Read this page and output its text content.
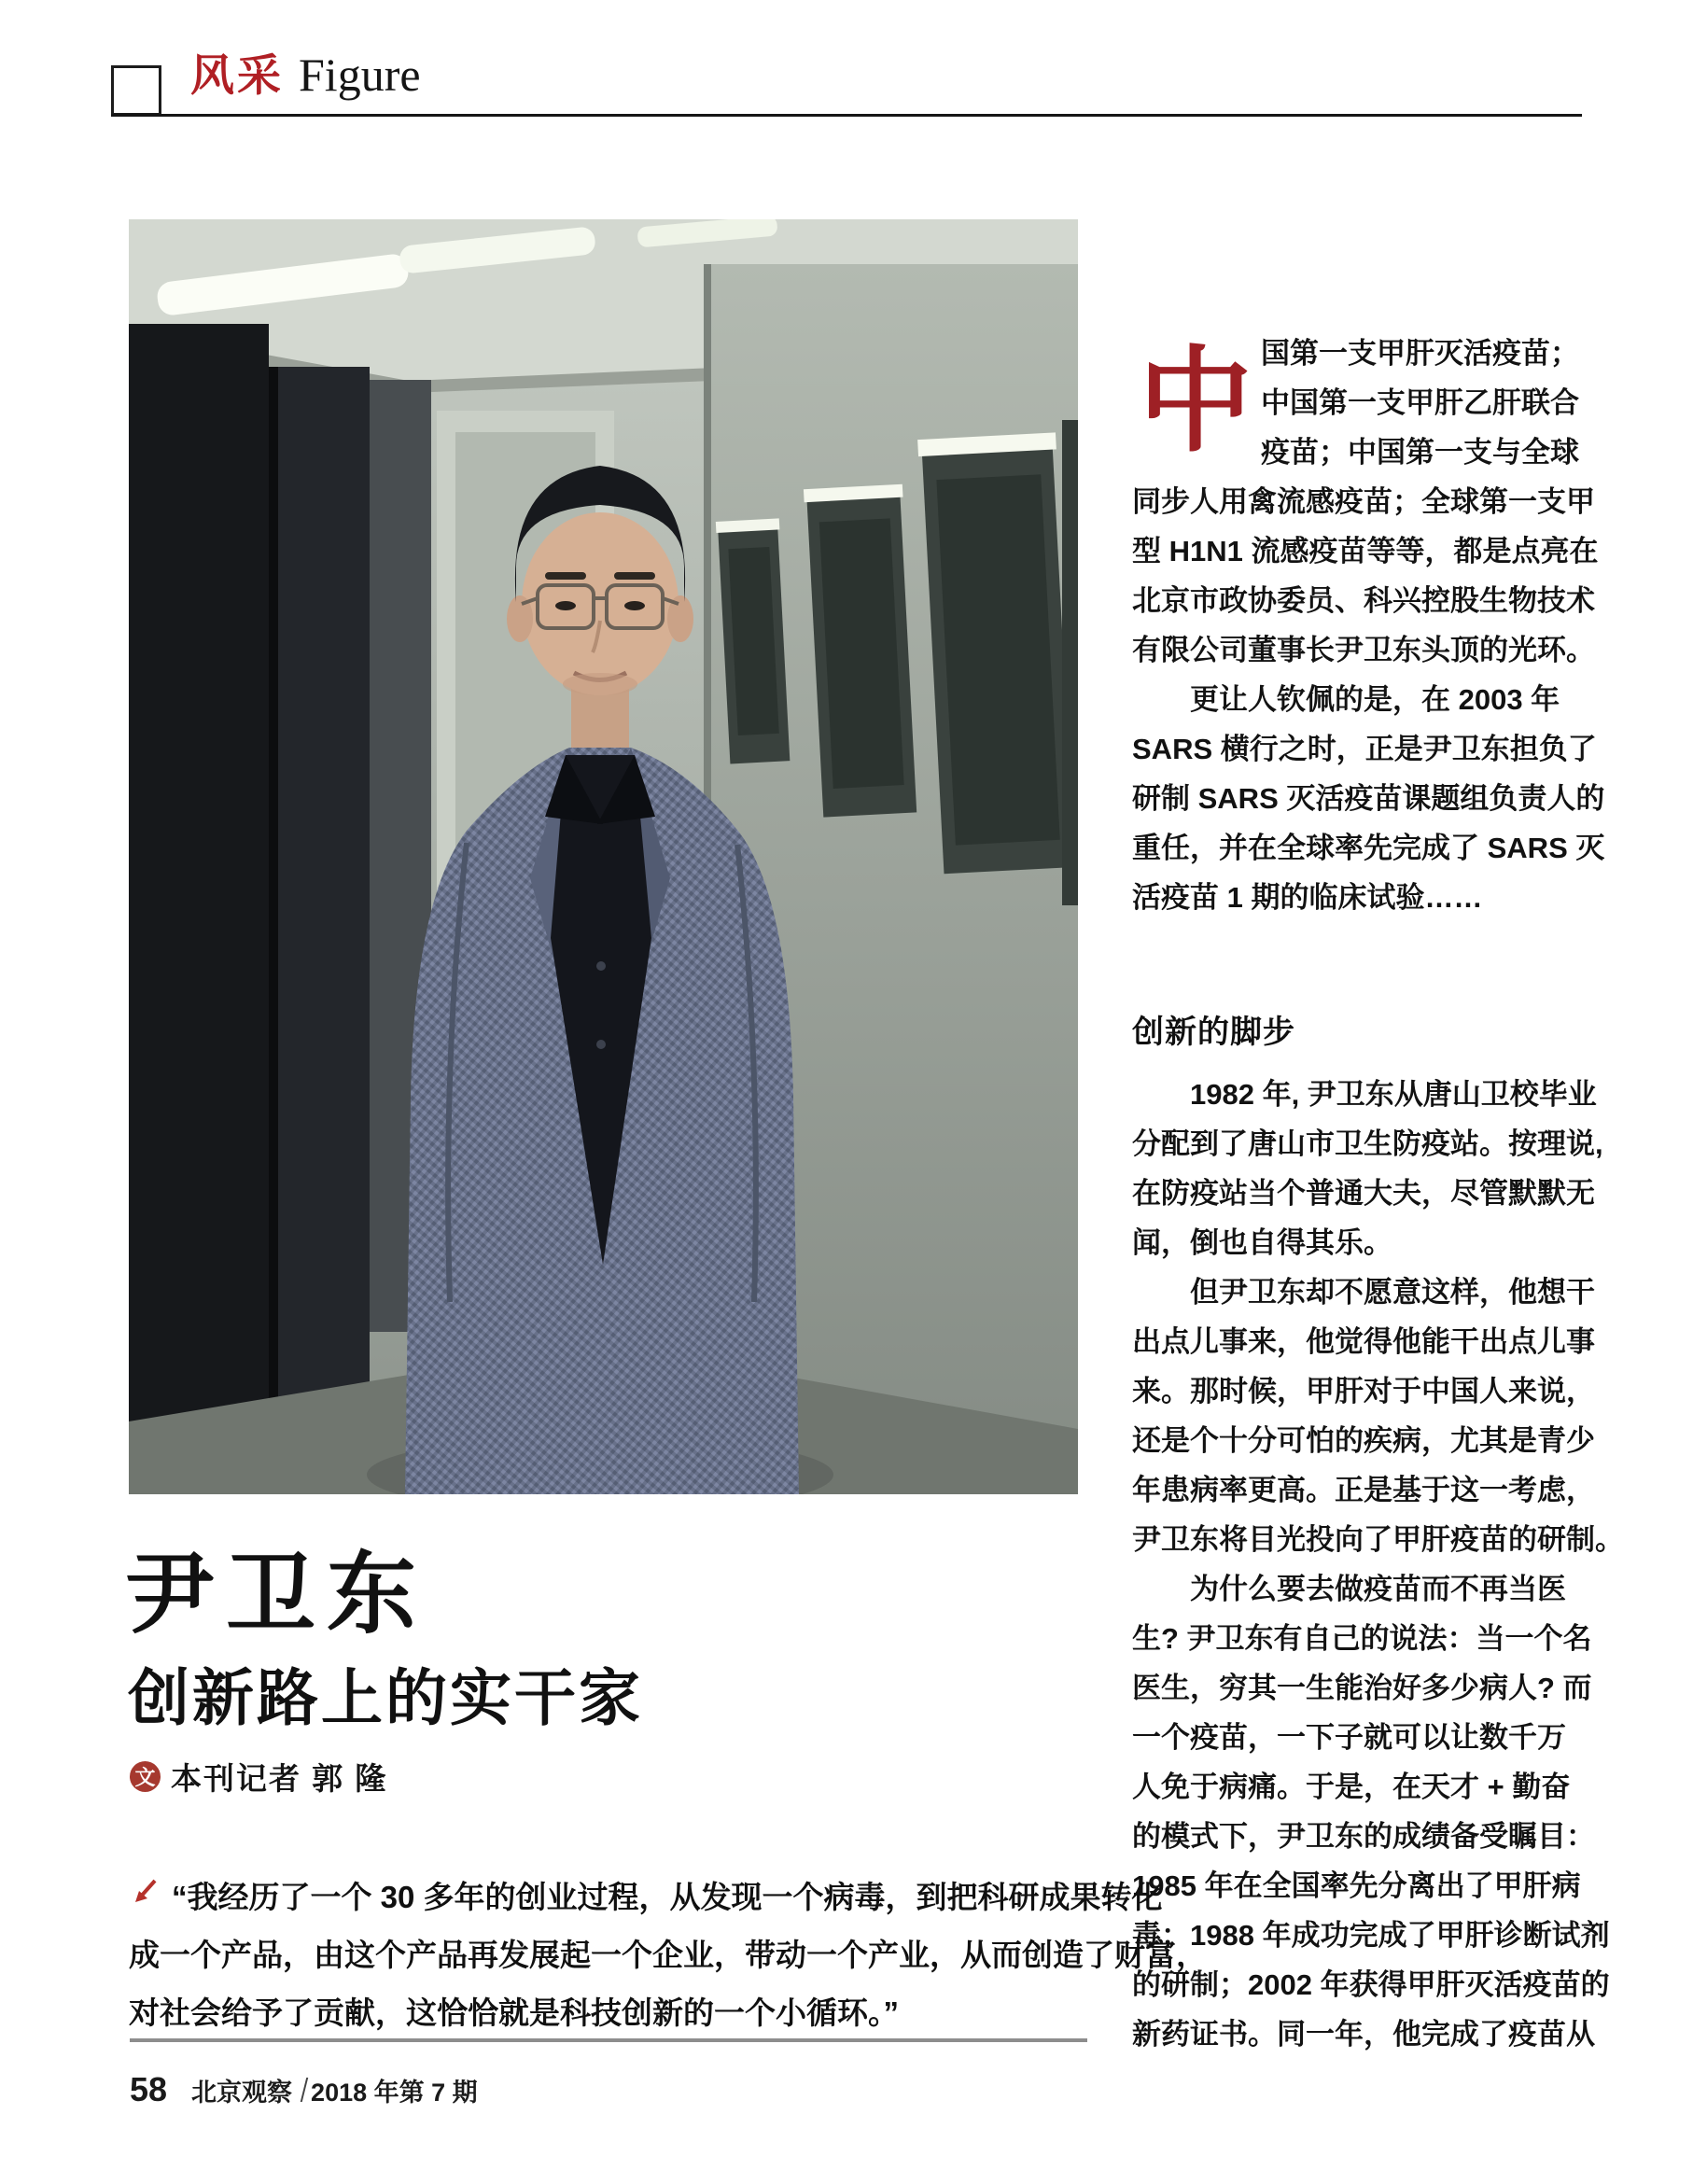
风采 Figure
中 国第一支甲肝灭活疫苗；
中国第一支甲肝乙肝联合
疫苗；中国第一支与全球
同步人用禽流感疫苗；全球第一支甲
型 H1N1 流感疫苗等等，都是点亮在
北京市政协委员、科兴控股生物技术
有限公司董事长尹卫东头顶的光环。
　　更让人钦佩的是，在 2003 年
SARS 横行之时，正是尹卫东担负了
研制 SARS 灭活疫苗课题组负责人的
重任，并在全球率先完成了 SARS 灭
活疫苗 1 期的临床试验……
创新的脚步
　　1982 年, 尹卫东从唐山卫校毕业
分配到了唐山市卫生防疫站。按理说,
在防疫站当个普通大夫，尽管默默无
闻，倒也自得其乐。
　　但尹卫东却不愿意这样，他想干
出点儿事来，他觉得他能干出点儿事
来。那时候，甲肝对于中国人来说，
还是个十分可怕的疾病，尤其是青少
年患病率更高。正是基于这一考虑，
尹卫东将目光投向了甲肝疫苗的研制。
　　为什么要去做疫苗而不再当医
生? 尹卫东有自己的说法：当一个名
医生，穷其一生能治好多少病人? 而
一个疫苗，一下子就可以让数千万
人免于病痛。于是，在天才 + 勤奋
的模式下，尹卫东的成绩备受瞩目：
1985 年在全国率先分离出了甲肝病
毒；1988 年成功完成了甲肝诊断试剂
的研制；2002 年获得甲肝灭活疫苗的
新药证书。同一年，他完成了疫苗从
尹卫东
创新路上的实干家
文 本刊记者 郭 隆
“我经历了一个 30 多年的创业过程，从发现一个病毒，到把科研成果转化
成一个产品，由这个产品再发展起一个企业，带动一个产业，从而创造了财富，
对社会给予了贡献，这恰恰就是科技创新的一个小循环。”
58 北京观察 2018 年第 7 期
